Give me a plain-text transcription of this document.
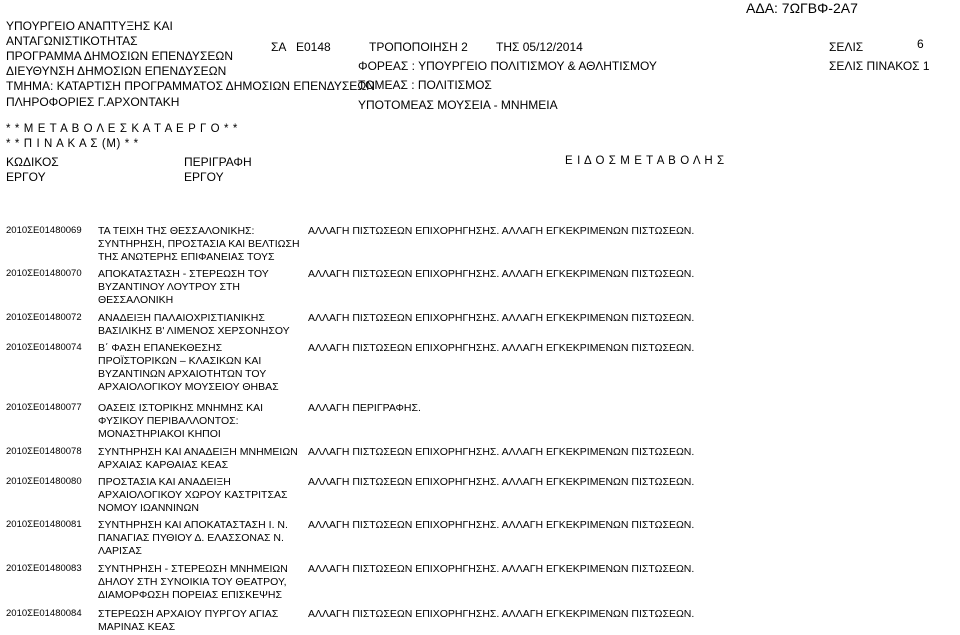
ΑΔΑ: 7ΩΓΒΦ-2Α7
ΥΠΟΥΡΓΕΙΟ ΑΝΑΠΤΥΞΗΣ ΚΑΙ
ΑΝΤΑΓΩΝΙΣΤΙΚΟΤΗΤΑΣ
ΠΡΟΓΡΑΜΜΑ ΔΗΜΟΣΙΩΝ ΕΠΕΝΔΥΣΕΩΝ
ΔΙΕΥΘΥΝΣΗ ΔΗΜΟΣΙΩΝ ΕΠΕΝΔΥΣΕΩΝ
ΤΜΗΜΑ: ΚΑΤΑΡΤΙΣΗ ΠΡΟΓΡΑΜΜΑΤΟΣ ΔΗΜΟΣΙΩΝ ΕΠΕΝΔΥΣΕΩΝ
ΠΛΗΡΟΦΟΡΙΕΣ Γ.ΑΡΧΟΝΤΑΚΗ
ΣΑ Ε0148	ΤΡΟΠΟΠΟΙΗΣΗ 2 ΤΗΣ 05/12/2014
ΦΟΡΕΑΣ : ΥΠΟΥΡΓΕΙΟ ΠΟΛΙΤΙΣΜΟΥ & ΑΘΛΗΤΙΣΜΟΥ
ΤΟΜΕΑΣ : ΠΟΛΙΤΙΣΜΟΣ
ΥΠΟΤΟΜΕΑΣ ΜΟΥΣΕΙΑ - ΜΝΗΜΕΙΑ
ΣΕΛΙΣ	6
ΣΕΛΙΣ ΠΙΝΑΚΟΣ 1
* * Μ Ε Τ Α Β Ο Λ Ε Σ Κ Α Τ Α Ε Ρ Γ Ο * *
* * Π Ι Ν Α Κ Α Σ (Μ) * *
ΚΩΔΙΚΟΣ
ΕΡΓΟΥ
ΠΕΡΙΓΡΑΦΗ
ΕΡΓΟΥ
Ε Ι Δ Ο Σ Μ Ε Τ Α Β Ο Λ Η Σ
2010ΣΕ01480069 ΤΑ ΤΕΙΧΗ ΤΗΣ ΘΕΣΣΑΛΟΝΙΚΗΣ: ΣΥΝΤΗΡΗΣΗ, ΠΡΟΣΤΑΣΙΑ ΚΑΙ ΒΕΛΤΙΩΣΗ ΤΗΣ ΑΝΩΤΕΡΗΣ ΕΠΙΦΑΝΕΙΑΣ ΤΟΥΣ
ΑΛΛΑΓΗ ΠΙΣΤΩΣΕΩΝ ΕΠΙΧΟΡΗΓΗΣΗΣ. ΑΛΛΑΓΗ ΕΓΚΕΚΡΙΜΕΝΩΝ ΠΙΣΤΩΣΕΩΝ.
2010ΣΕ01480070 ΑΠΟΚΑΤΑΣΤΑΣΗ - ΣΤΕΡΕΩΣΗ ΤΟΥ ΒΥΖΑΝΤΙΝΟΥ ΛΟΥΤΡΟΥ ΣΤΗ ΘΕΣΣΑΛΟΝΙΚΗ
ΑΛΛΑΓΗ ΠΙΣΤΩΣΕΩΝ ΕΠΙΧΟΡΗΓΗΣΗΣ. ΑΛΛΑΓΗ ΕΓΚΕΚΡΙΜΕΝΩΝ ΠΙΣΤΩΣΕΩΝ.
2010ΣΕ01480072 ΑΝΑΔΕΙΞΗ ΠΑΛΑΙΟΧΡΙΣΤΙΑΝΙΚΗΣ ΒΑΣΙΛΙΚΗΣ Β' ΛΙΜΕΝΟΣ ΧΕΡΣΟΝΗΣΟΥ
ΑΛΛΑΓΗ ΠΙΣΤΩΣΕΩΝ ΕΠΙΧΟΡΗΓΗΣΗΣ. ΑΛΛΑΓΗ ΕΓΚΕΚΡΙΜΕΝΩΝ ΠΙΣΤΩΣΕΩΝ.
2010ΣΕ01480074 Β΄ ΦΑΣΗ ΕΠΑΝΕΚΘΕΣΗΣ ΠΡΟΪΣΤΟΡΙΚΩΝ – ΚΛΑΣΙΚΩΝ ΚΑΙ ΒΥΖΑΝΤΙΝΩΝ ΑΡΧΑΙΟΤΗΤΩΝ ΤΟΥ ΑΡΧΑΙΟΛΟΓΙΚΟΥ ΜΟΥΣΕΙΟΥ ΘΗΒΑΣ
ΑΛΛΑΓΗ ΠΙΣΤΩΣΕΩΝ ΕΠΙΧΟΡΗΓΗΣΗΣ. ΑΛΛΑΓΗ ΕΓΚΕΚΡΙΜΕΝΩΝ ΠΙΣΤΩΣΕΩΝ.
2010ΣΕ01480077 ΟΑΣΕΙΣ ΙΣΤΟΡΙΚΗΣ ΜΝΗΜΗΣ ΚΑΙ ΦΥΣΙΚΟΥ ΠΕΡΙΒΑΛΛΟΝΤΟΣ: ΜΟΝΑΣΤΗΡΙΑΚΟΙ ΚΗΠΟΙ
ΑΛΛΑΓΗ ΠΕΡΙΓΡΑΦΗΣ.
2010ΣΕ01480078 ΣΥΝΤΗΡΗΣΗ ΚΑΙ ΑΝΑΔΕΙΞΗ ΜΝΗΜΕΙΩΝ ΑΡΧΑΙΑΣ ΚΑΡΘΑΙΑΣ ΚΕΑΣ
ΑΛΛΑΓΗ ΠΙΣΤΩΣΕΩΝ ΕΠΙΧΟΡΗΓΗΣΗΣ. ΑΛΛΑΓΗ ΕΓΚΕΚΡΙΜΕΝΩΝ ΠΙΣΤΩΣΕΩΝ.
2010ΣΕ01480080 ΠΡΟΣΤΑΣΙΑ ΚΑΙ ΑΝΑΔΕΙΞΗ ΑΡΧΑΙΟΛΟΓΙΚΟΥ ΧΩΡΟΥ ΚΑΣΤΡΙΤΣΑΣ ΝΟΜΟΥ ΙΩΑΝΝΙΝΩΝ
ΑΛΛΑΓΗ ΠΙΣΤΩΣΕΩΝ ΕΠΙΧΟΡΗΓΗΣΗΣ. ΑΛΛΑΓΗ ΕΓΚΕΚΡΙΜΕΝΩΝ ΠΙΣΤΩΣΕΩΝ.
2010ΣΕ01480081 ΣΥΝΤΗΡΗΣΗ ΚΑΙ ΑΠΟΚΑΤΑΣΤΑΣΗ Ι. Ν. ΠΑΝΑΓΙΑΣ ΠΥΘΙΟΥ Δ. ΕΛΑΣΣΟΝΑΣ Ν. ΛΑΡΙΣΑΣ
ΑΛΛΑΓΗ ΠΙΣΤΩΣΕΩΝ ΕΠΙΧΟΡΗΓΗΣΗΣ. ΑΛΛΑΓΗ ΕΓΚΕΚΡΙΜΕΝΩΝ ΠΙΣΤΩΣΕΩΝ.
2010ΣΕ01480083 ΣΥΝΤΗΡΗΣΗ - ΣΤΕΡΕΩΣΗ ΜΝΗΜΕΙΩΝ ΔΗΛΟΥ ΣΤΗ ΣΥΝΟΙΚΙΑ ΤΟΥ ΘΕΑΤΡΟΥ, ΔΙΑΜΟΡΦΩΣΗ ΠΟΡΕΙΑΣ ΕΠΙΣΚΕΨΗΣ
ΑΛΛΑΓΗ ΠΙΣΤΩΣΕΩΝ ΕΠΙΧΟΡΗΓΗΣΗΣ. ΑΛΛΑΓΗ ΕΓΚΕΚΡΙΜΕΝΩΝ ΠΙΣΤΩΣΕΩΝ.
2010ΣΕ01480084 ΣΤΕΡΕΩΣΗ ΑΡΧΑΙΟΥ ΠΥΡΓΟΥ ΑΓΙΑΣ ΜΑΡΙΝΑΣ ΚΕΑΣ
ΑΛΛΑΓΗ ΠΙΣΤΩΣΕΩΝ ΕΠΙΧΟΡΗΓΗΣΗΣ. ΑΛΛΑΓΗ ΕΓΚΕΚΡΙΜΕΝΩΝ ΠΙΣΤΩΣΕΩΝ.
